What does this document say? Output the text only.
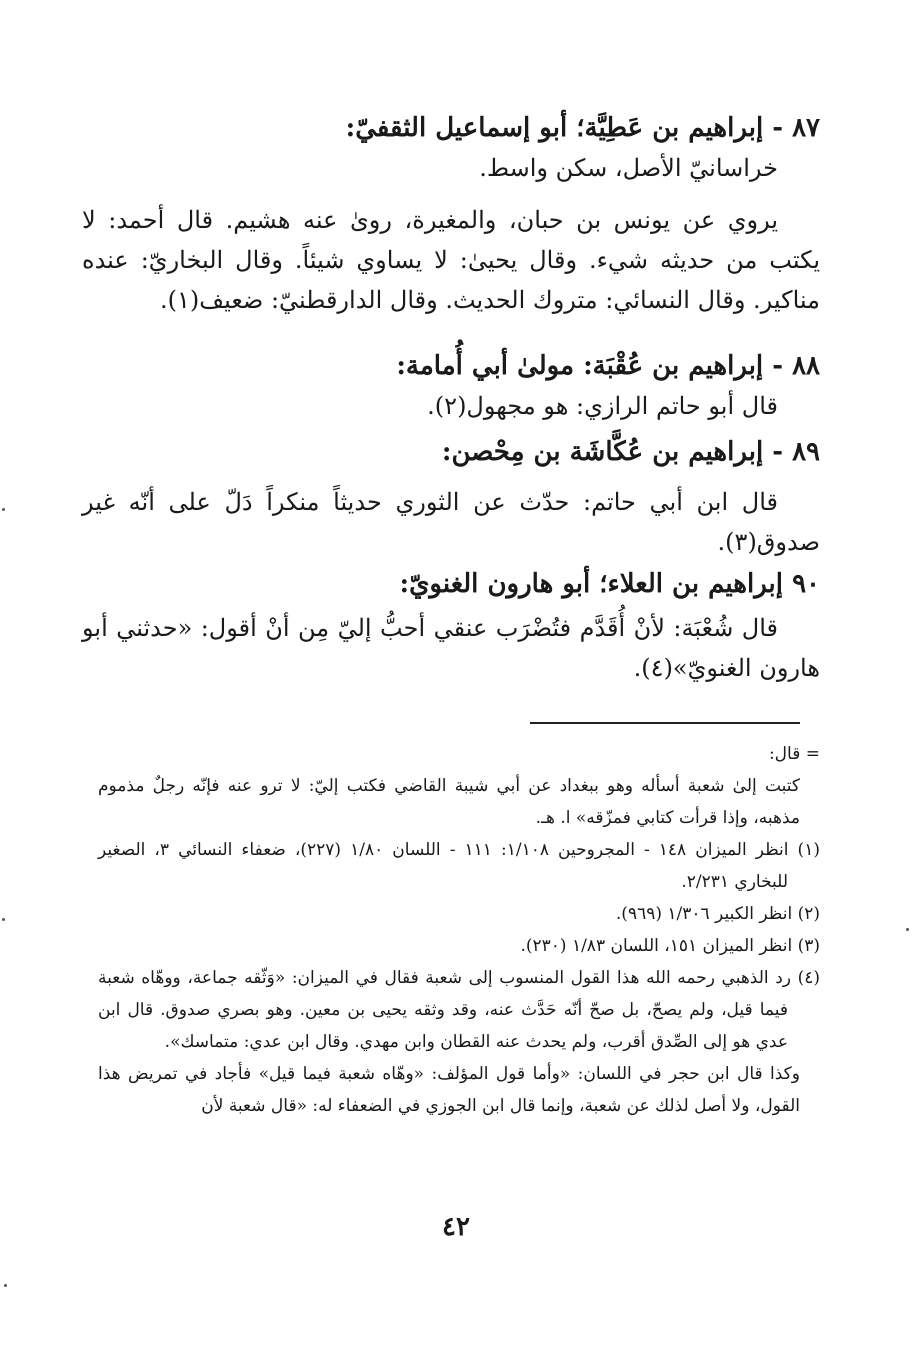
٨٧ - إبراهيم بن عَطِيَّة؛ أبو إسماعيل الثقفيّ:
خراسانيّ الأصل، سكن واسط.
يروي عن يونس بن حبان، والمغيرة، روىٰ عنه هشيم. قال أحمد: لا يكتب من حديثه شيء. وقال يحيىٰ: لا يساوي شيئاً. وقال البخاريّ: عنده مناكير. وقال النسائي: متروك الحديث. وقال الدارقطنيّ: ضعيف(١).
٨٨ - إبراهيم بن عُقْبَة: مولىٰ أبي أُمامة:
قال أبو حاتم الرازي: هو مجهول(٢).
٨٩ - إبراهيم بن عُكَّاشَة بن مِحْصن:
قال ابن أبي حاتم: حدّث عن الثوري حديثاً منكراً دَلّ على أنّه غير صدوق(٣).
٩٠ إبراهيم بن العلاء؛ أبو هارون الغنويّ:
قال شُعْبَة: لأنْ أُقَدَّم فتُضْرَب عنقي أحبُّ إليّ مِن أنْ أقول: «حدثني أبو هارون الغنويّ»(٤).
= قال:
كتبت إلىٰ شعبة أسأله وهو ببغداد عن أبي شيبة القاضي فكتب إليّ: لا ترو عنه فإنّه رجلٌ مذموم مذهبه، وإذا قرأت كتابي فمزّقه» ا. هـ.
(١) انظر الميزان ١٤٨ - المجروحين ١/١٠٨: ١١١ - اللسان ١/٨٠ (٢٢٧)، ضعفاء النسائي ٣، الصغير للبخاري ٢/٢٣١.
(٢) انظر الكبير ١/٣٠٦ (٩٦٩).
(٣) انظر الميزان ١٥١، اللسان ١/٨٣ (٢٣٠).
(٤) رد الذهبي رحمه الله هذا القول المنسوب إلى شعبة فقال في الميزان: «وَثّقه جماعة، ووهّاه شعبة فيما قيل، ولم يصحّ، بل صحّ أنّه حَدَّث عنه، وقد وثقه يحيى بن معين. وهو بصري صدوق. قال ابن عدي هو إلى الصِّدق أقرب، ولم يحدث عنه القطان وابن مهدي. وقال ابن عدي: متماسك».
وكذا قال ابن حجر في اللسان: «وأما قول المؤلف: «وهّاه شعبة فيما قيل» فأجاد في تمريض هذا القول، ولا أصل لذلك عن شعبة، وإنما قال ابن الجوزي في الضعفاء له: «قال شعبة لأن
٤٢
